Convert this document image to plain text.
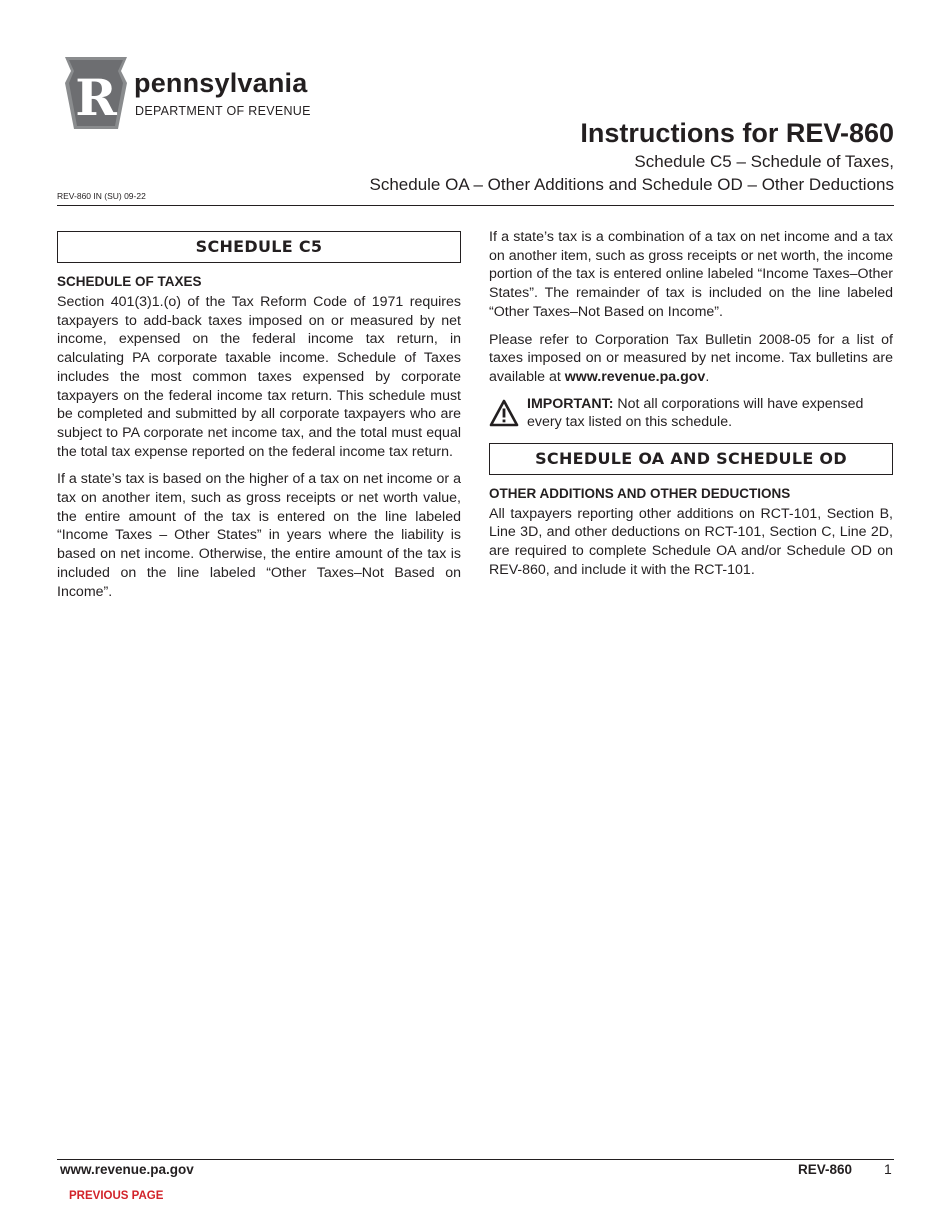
R pennsylvania
DEPARTMENT OF REVENUE
Instructions for REV-860
Schedule C5 – Schedule of Taxes,
Schedule OA – Other Additions and Schedule OD – Other Deductions
REV-860 IN (SU) 09-22
SCHEDULE C5
SCHEDULE OF TAXES

Section 401(3)1.(o) of the Tax Reform Code of 1971 requires taxpayers to add-back taxes imposed on or measured by net income, expensed on the federal income tax return, in calculating PA corporate taxable income. Schedule of Taxes includes the most common taxes expensed by corporate taxpayers on the federal income tax return. This schedule must be completed and submitted by all corporate taxpayers who are subject to PA corporate net income tax, and the total must equal the total tax expense reported on the federal income tax return.

If a state’s tax is based on the higher of a tax on net income or a tax on another item, such as gross receipts or net worth value, the entire amount of the tax is entered on the line labeled “Income Taxes – Other States” in years where the liability is based on net income. Otherwise, the entire amount of the tax is included on the line labeled “Other Taxes–Not Based on Income”.

If a state’s tax is a combination of a tax on net income and a tax on another item, such as gross receipts or net worth, the income portion of the tax is entered online labeled “Income Taxes–Other States”. The remainder of tax is included on the line labeled “Other Taxes–Not Based on Income”.

Please refer to Corporation Tax Bulletin 2008-05 for a list of taxes imposed on or measured by net income. Tax bulletins are available at www.revenue.pa.gov.

IMPORTANT: Not all corporations will have expensed every tax listed on this schedule.
SCHEDULE OA AND SCHEDULE OD
OTHER ADDITIONS AND OTHER DEDUCTIONS

All taxpayers reporting other additions on RCT-101, Section B, Line 3D, and other deductions on RCT-101, Section C, Line 2D, are required to complete Schedule OA and/or Schedule OD on REV-860, and include it with the RCT-101.

www.revenue.pa.gov	REV-860 1
PREVIOUS PAGE
